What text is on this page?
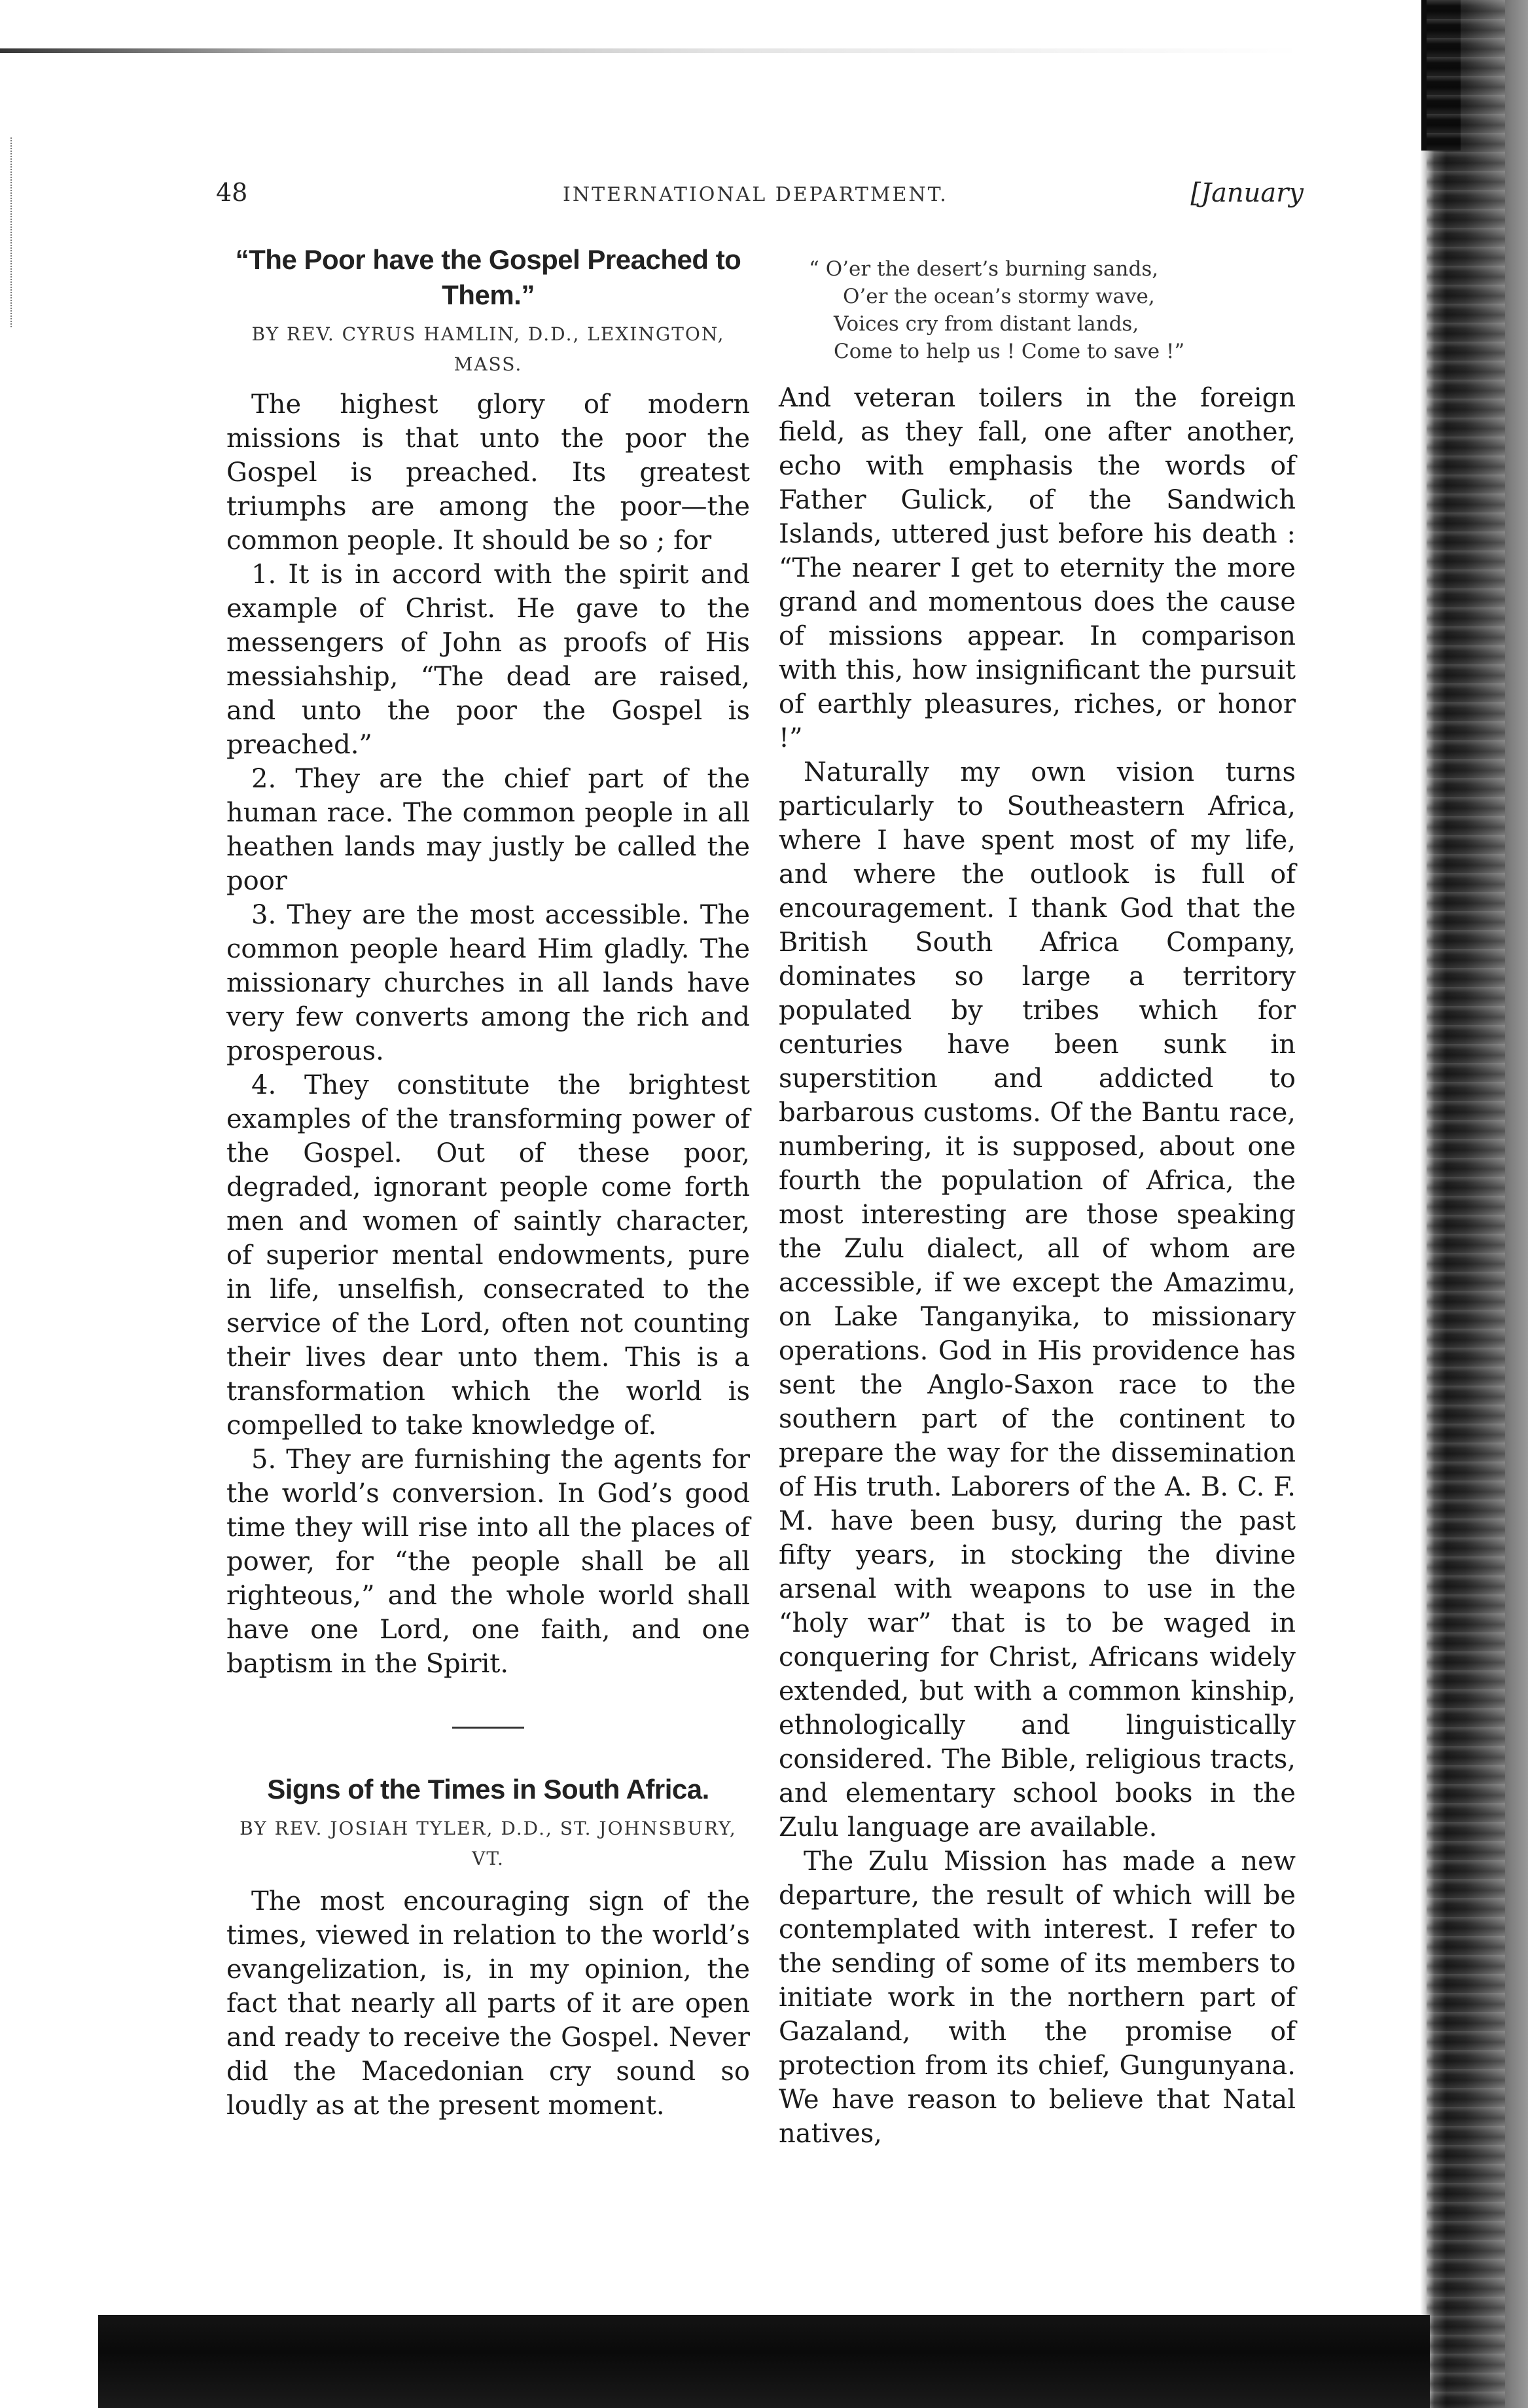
48	INTERNATIONAL DEPARTMENT.	[January
“The Poor have the Gospel Preached to Them.”
BY REV. CYRUS HAMLIN, D.D., LEXINGTON, MASS.

The highest glory of modern missions is that unto the poor the Gospel is preached. Its greatest triumphs are among the poor—the common people. It should be so ; for

1. It is in accord with the spirit and example of Christ. He gave to the messengers of John as proofs of His messiahship, “The dead are raised, and unto the poor the Gospel is preached.”

2. They are the chief part of the human race. The common people in all heathen lands may justly be called the poor

3. They are the most accessible. The common people heard Him gladly. The missionary churches in all lands have very few converts among the rich and prosperous.

4. They constitute the brightest examples of the transforming power of the Gospel. Out of these poor, degraded, ignorant people come forth men and women of saintly character, of superior mental endowments, pure in life, unselfish, consecrated to the service of the Lord, often not counting their lives dear unto them. This is a transformation which the world is compelled to take knowledge of.

5. They are furnishing the agents for the world’s conversion. In God’s good time they will rise into all the places of power, for “the people shall be all righteous,” and the whole world shall have one Lord, one faith, and one baptism in the Spirit.

Signs of the Times in South Africa.
BY REV. JOSIAH TYLER, D.D., ST. JOHNSBURY, VT.

The most encouraging sign of the times, viewed in relation to the world’s evangelization, is, in my opinion, the fact that nearly all parts of it are open and ready to receive the Gospel. Never did the Macedonian cry sound so loudly as at the present moment.

“ O’er the desert’s burning sands,
O’er the ocean’s stormy wave,
Voices cry from distant lands,
Come to help us ! Come to save !”

And veteran toilers in the foreign field, as they fall, one after another, echo with emphasis the words of Father Gulick, of the Sandwich Islands, uttered just before his death : “The nearer I get to eternity the more grand and momentous does the cause of missions appear. In comparison with this, how insignificant the pursuit of earthly pleasures, riches, or honor !”

Naturally my own vision turns particularly to Southeastern Africa, where I have spent most of my life, and where the outlook is full of encouragement. I thank God that the British South Africa Company, dominates so large a territory populated by tribes which for centuries have been sunk in superstition and addicted to barbarous customs. Of the Bantu race, numbering, it is supposed, about one fourth the population of Africa, the most interesting are those speaking the Zulu dialect, all of whom are accessible, if we except the Amazimu, on Lake Tanganyika, to missionary operations. God in His providence has sent the Anglo-Saxon race to the southern part of the continent to prepare the way for the dissemination of His truth. Laborers of the A. B. C. F. M. have been busy, during the past fifty years, in stocking the divine arsenal with weapons to use in the “holy war” that is to be waged in conquering for Christ, Africans widely extended, but with a common kinship, ethnologically and linguistically considered. The Bible, religious tracts, and elementary school books in the Zulu language are available.

The Zulu Mission has made a new departure, the result of which will be contemplated with interest. I refer to the sending of some of its members to initiate work in the northern part of Gazaland, with the promise of protection from its chief, Gungunyana. We have reason to believe that Natal natives,
